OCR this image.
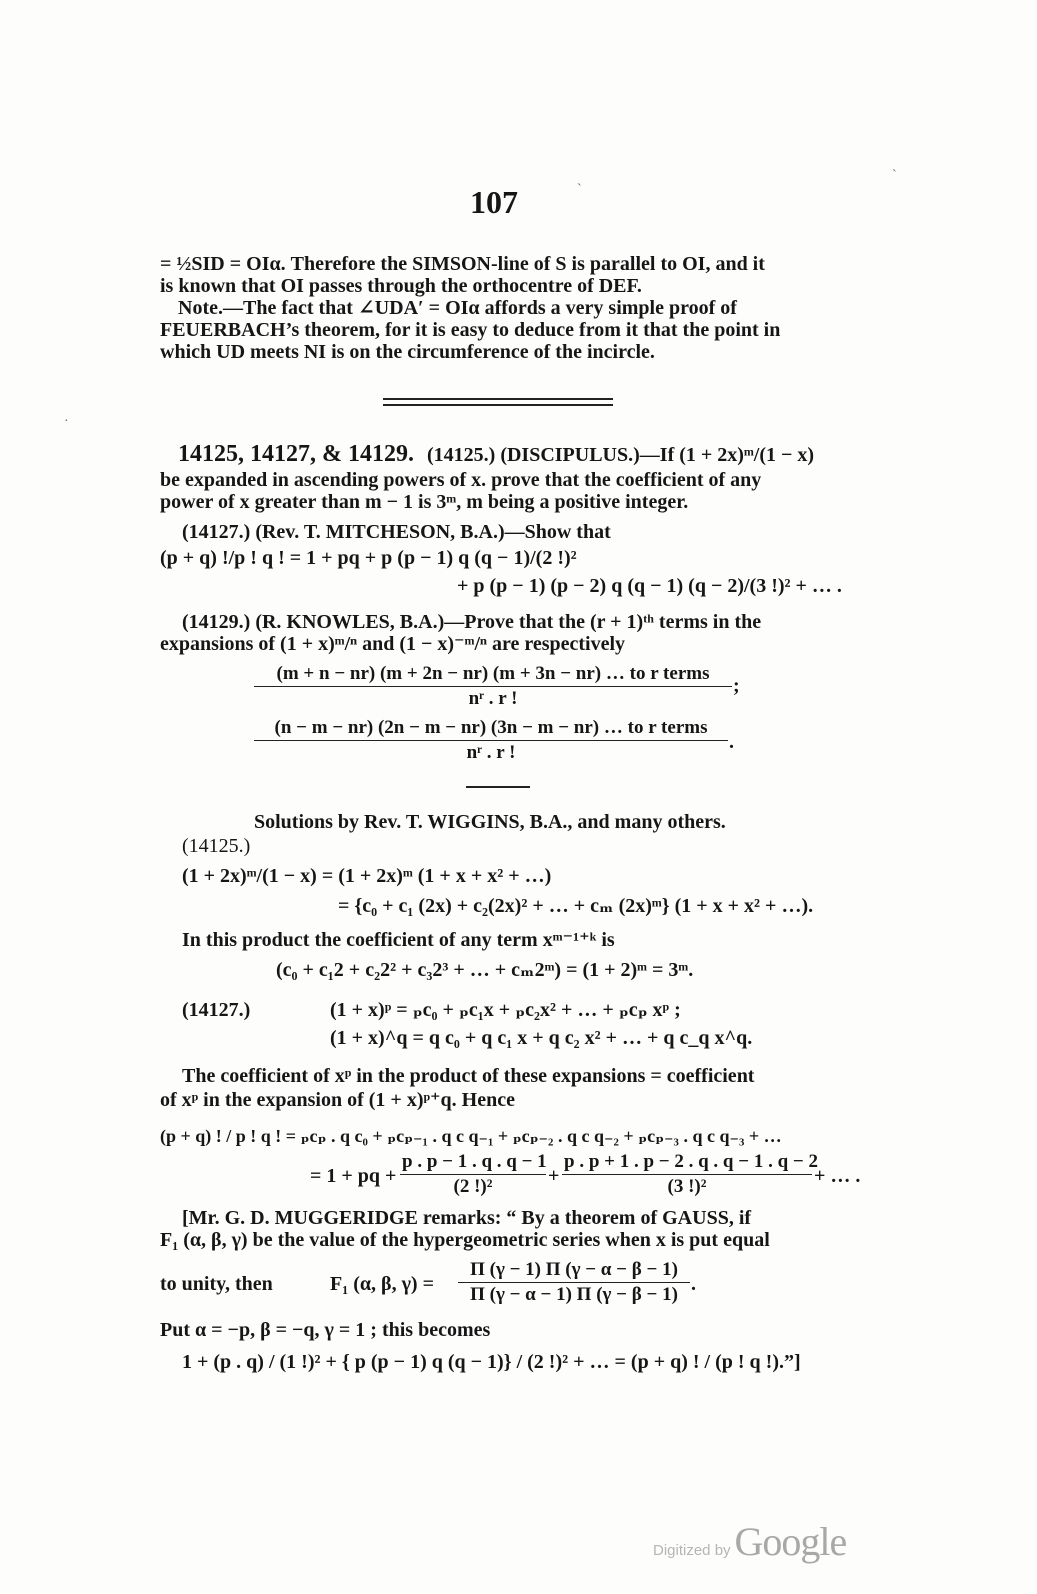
107	ˋ
ˋ
·
= ½SID = OIα. Therefore the SIMSON-line of S is parallel to OI, and it
is known that OI passes through the orthocentre of DEF.
Note.—The fact that ∠UDA′ = OIα affords a very simple proof of
FEUERBACH’s theorem, for it is easy to deduce from it that the point in
which UD meets NI is on the circumference of the incircle.
14125, 14127, & 14129. (14125.) (DISCIPULUS.)—If (1 + 2x)ᵐ/(1 − x)
be expanded in ascending powers of x. prove that the coefficient of any
power of x greater than m − 1 is 3ᵐ, m being a positive integer.
(14127.) (Rev. T. MITCHESON, B.A.)—Show that
(p + q) !/p ! q ! = 1 + pq + p (p − 1) q (q − 1)/(2 !)²
+ p (p − 1) (p − 2) q (q − 1) (q − 2)/(3 !)² + … .
(14129.) (R. KNOWLES, B.A.)—Prove that the (r + 1)ᵗʰ terms in the
expansions of (1 + x)ᵐ/ⁿ and (1 − x)⁻ᵐ/ⁿ are respectively
(m + n − nr) (m + 2n − nr) (m + 3n − nr) … to r terms
nʳ . r !
;
(n − m − nr) (2n − m − nr) (3n − m − nr) … to r terms
nʳ . r !	.
Solutions by Rev. T. WIGGINS, B.A., and many others.
(14125.)
(1 + 2x)ᵐ/(1 − x) = (1 + 2x)ᵐ (1 + x + x² + …)
= {c₀ + c₁ (2x) + c₂(2x)² + … + cₘ (2x)ᵐ} (1 + x + x² + …).
In this product the coefficient of any term xᵐ⁻¹⁺ᵏ is
(c₀ + c₁2 + c₂2² + c₃2³ + … + cₘ2ᵐ) = (1 + 2)ᵐ = 3ᵐ.
(14127.)	(1 + x)ᵖ = ₚc₀ + ₚc₁x + ₚc₂x² + … + ₚcₚ xᵖ ;
(1 + x)^q = q c₀ + q c₁ x + q c₂ x² + … + q c_q x^q.
The coefficient of xᵖ in the product of these expansions = coefficient
of xᵖ in the expansion of (1 + x)ᵖ⁺q. Hence
(p + q) ! / p ! q ! = ₚcₚ . q c₀ + ₚcₚ₋₁ . q c q₋₁ + ₚcₚ₋₂ . q c q₋₂ + ₚcₚ₋₃ . q c q₋₃ + …
= 1 + pq + $\frac{p . p - 1 . q . q - 1}{\text{(2 !)²}} + \frac{p . p + 1 . p - 2 . q . q - 1 . q - 2}{\text{(3 !)²}}$ + … .
[Mr. G. D. MUGGERIDGE remarks: “ By a theorem of GAUSS, if
F₁ (α, β, γ) be the value of the hypergeometric series when x is put equal
to unity, then	F₁ (α, β, $\gamma) = \frac{\Pi (\gamma - 1) \Pi (\gamma - \alpha - \beta - 1)}{\Pi (\gamma - \alpha - 1) \Pi (\gamma - \beta - 1)}$ .
Put α = −p, β = −q, γ = 1 ; this becomes
1 + (p . q) / (1 !)² + { p (p − 1) q (q − 1)} / (2 !)² + … = (p + q) ! / (p ! q !).”]
Digitized by Google
